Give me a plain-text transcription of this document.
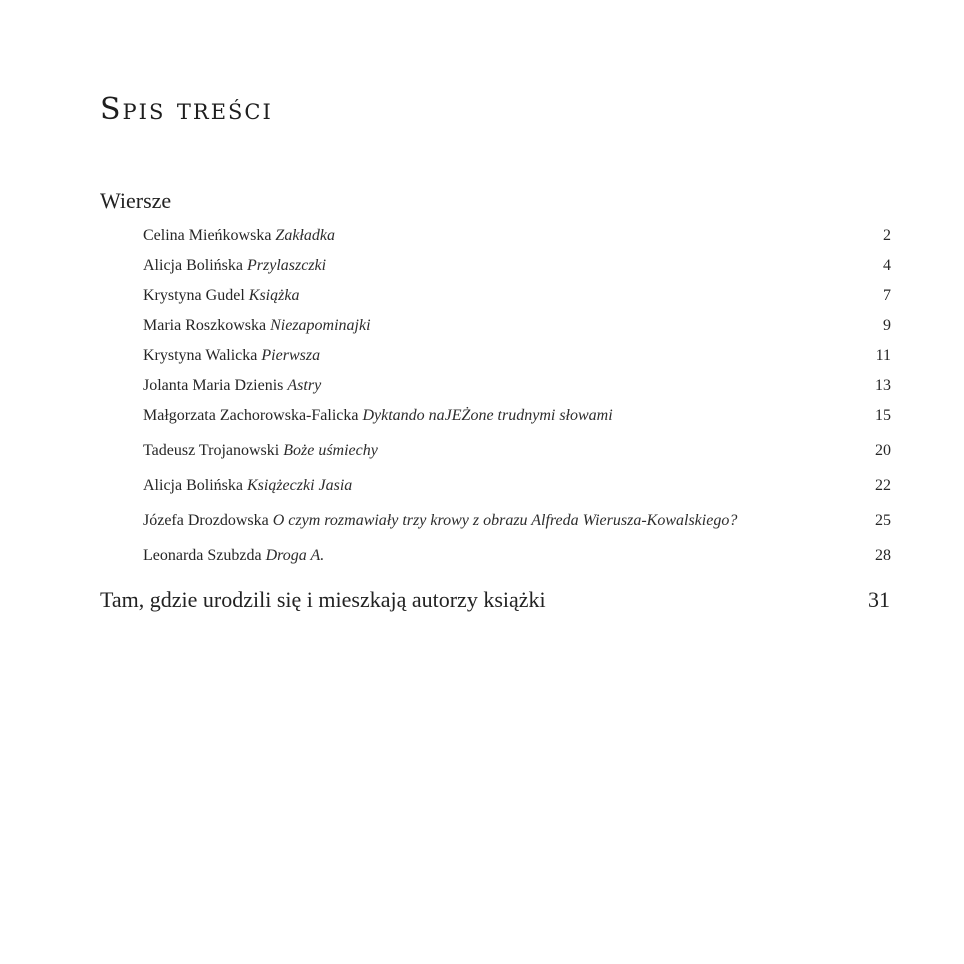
Spis treści
Wiersze
Celina Mieńkowska Zakładka	2
Alicja Bolińska Przylaszczki	4
Krystyna Gudel Książka	7
Maria Roszkowska Niezapominajki	9
Krystyna Walicka Pierwsza	11
Jolanta Maria Dzienis Astry	13
Małgorzata Zachorowska-Falicka Dyktando naJEŻone trudnymi słowami	15
Tadeusz Trojanowski Boże uśmiechy	20
Alicja Bolińska Książeczki Jasia	22
Józefa Drozdowska O czym rozmawiały trzy krowy z obrazu Alfreda Wierusza-Kowalskiego?	25
Leonarda Szubzda Droga A.	28
Tam, gdzie urodzili się i mieszkają autorzy książki	31
